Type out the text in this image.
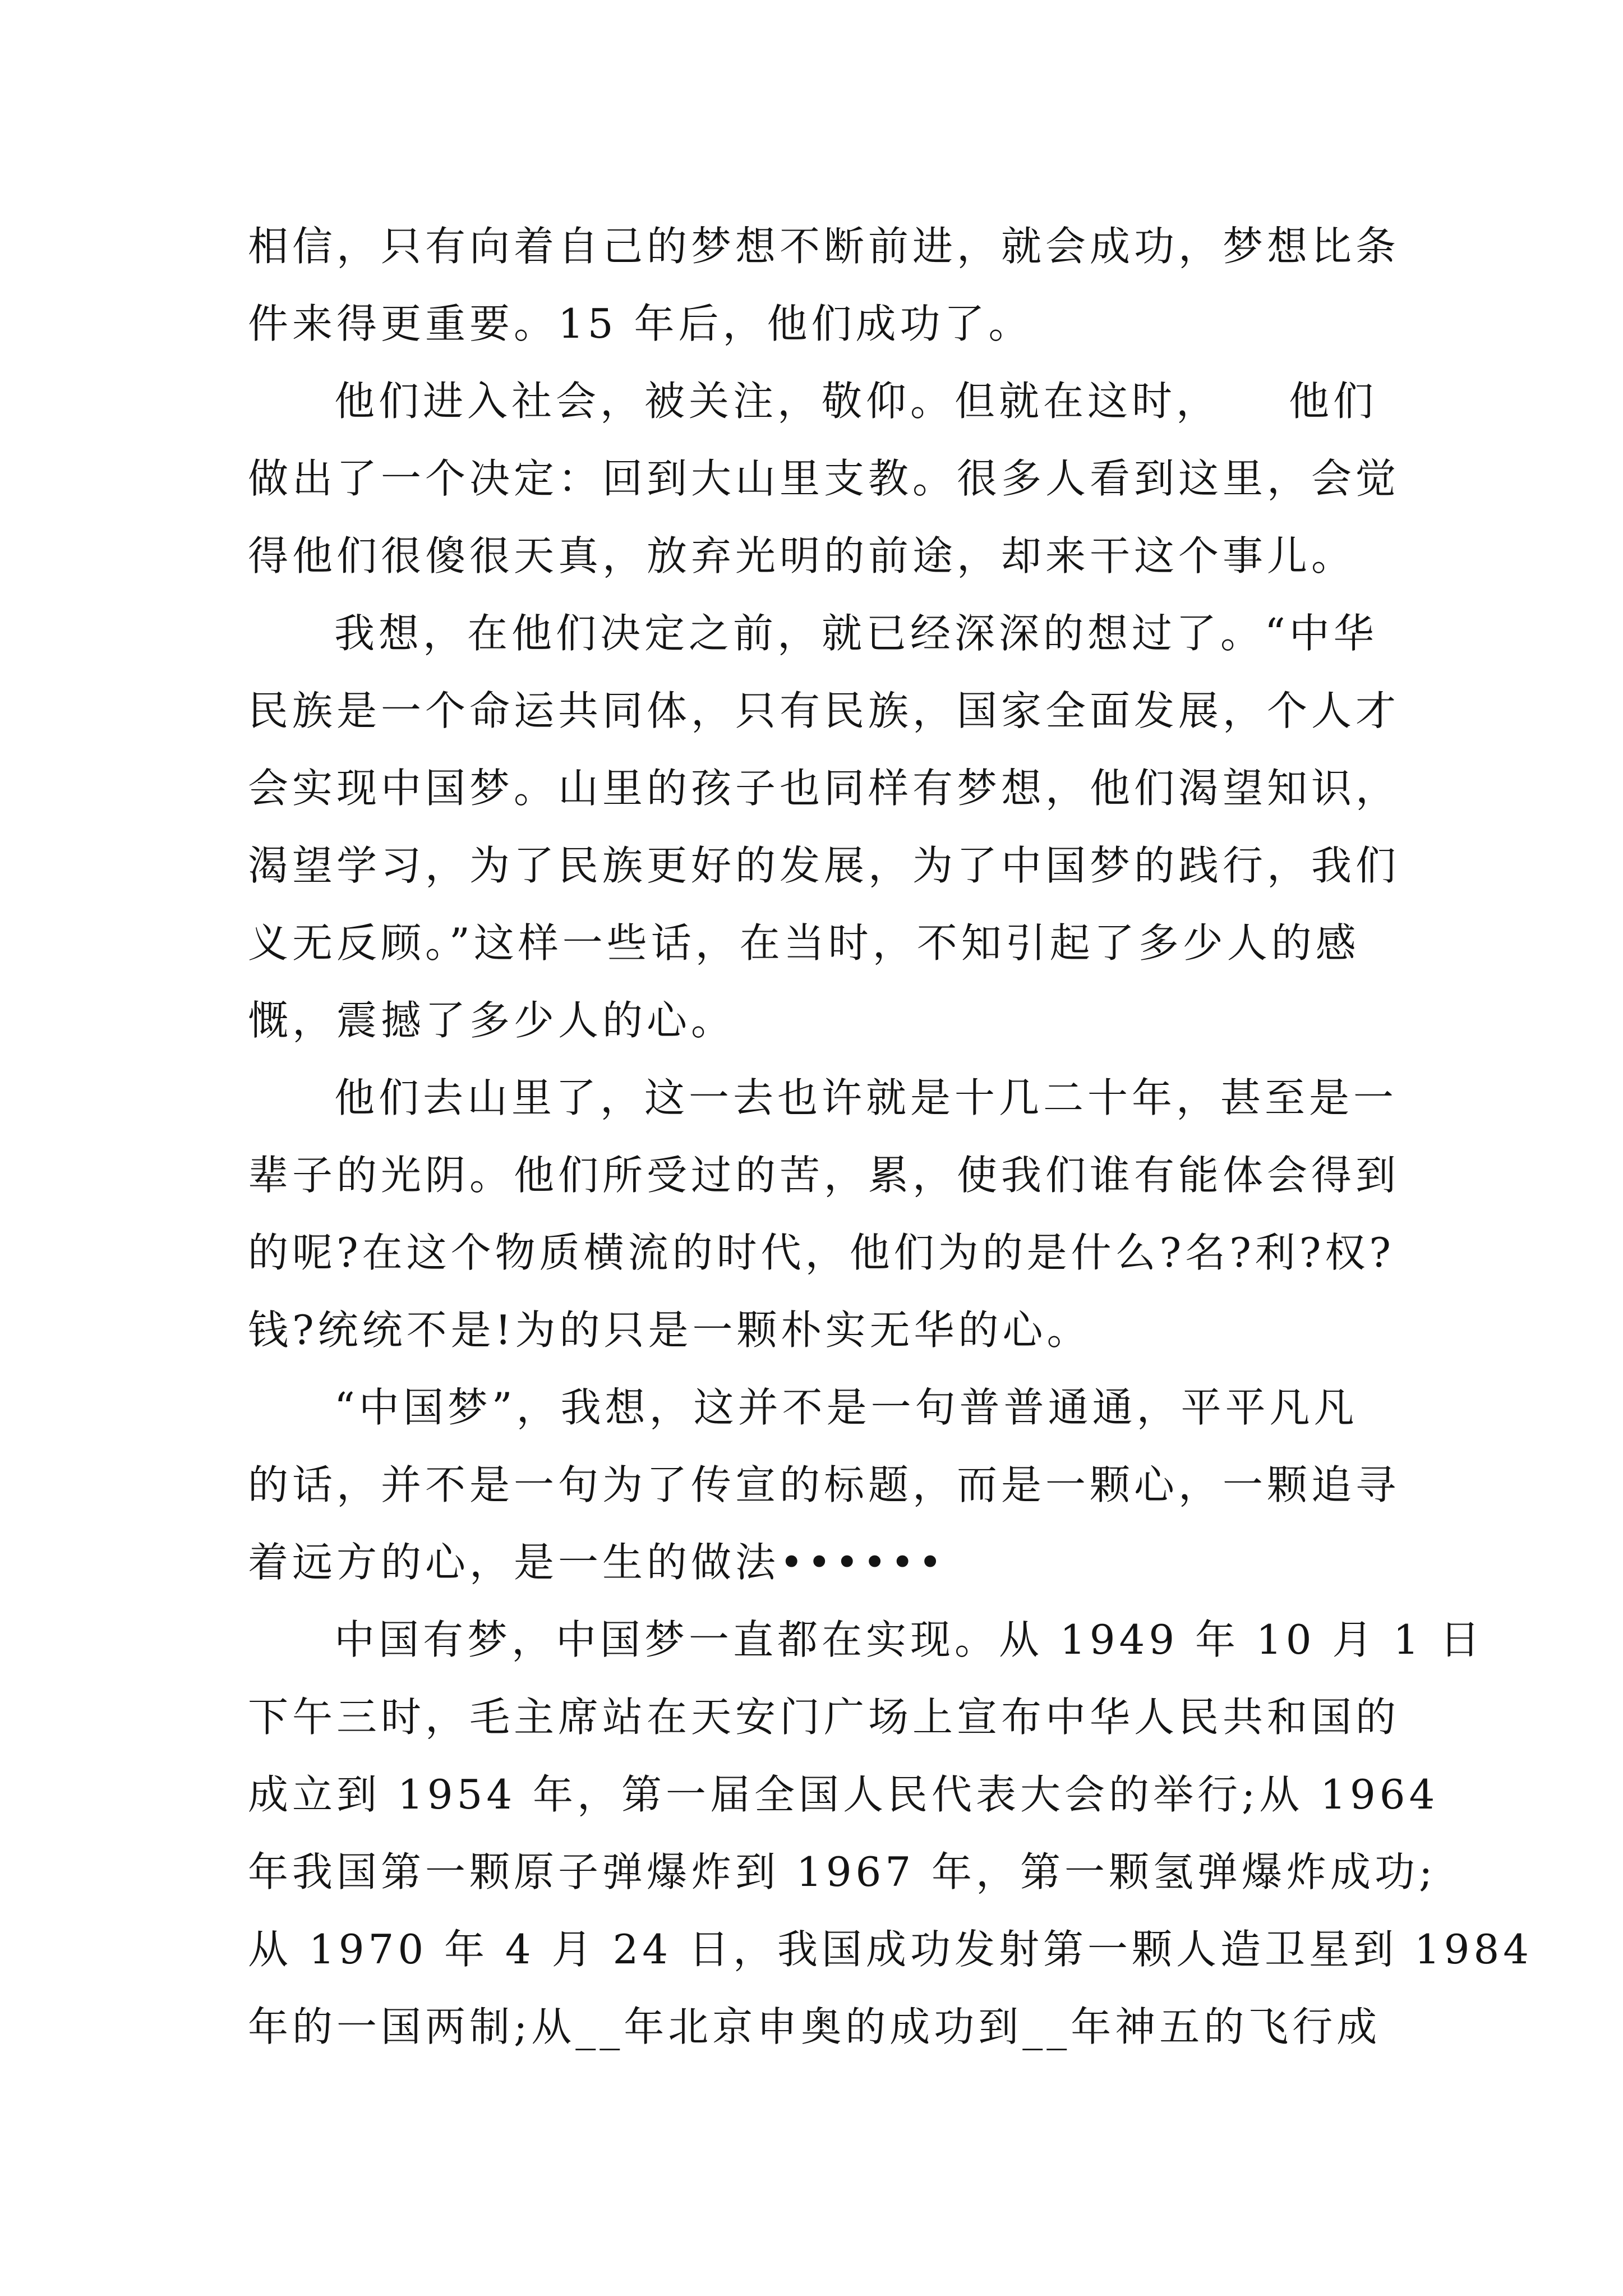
相信，只有向着自己的梦想不断前进，就会成功，梦想比条
件来得更重要。15 年后，他们成功了。
他们进入社会，被关注，敬仰。但就在这时，　　他们
做出了一个决定：回到大山里支教。很多人看到这里，会觉
得他们很傻很天真，放弃光明的前途，却来干这个事儿。
我想，在他们决定之前，就已经深深的想过了。“中华
民族是一个命运共同体，只有民族，国家全面发展，个人才
会实现中国梦。山里的孩子也同样有梦想，他们渴望知识，
渴望学习，为了民族更好的发展，为了中国梦的践行，我们
义无反顾。”这样一些话，在当时，不知引起了多少人的感
慨，震撼了多少人的心。
他们去山里了，这一去也许就是十几二十年，甚至是一
辈子的光阴。他们所受过的苦，累，使我们谁有能体会得到
的呢?在这个物质横流的时代，他们为的是什么?名?利?权?
钱?统统不是!为的只是一颗朴实无华的心。
“中国梦”，我想，这并不是一句普普通通，平平凡凡
的话，并不是一句为了传宣的标题，而是一颗心，一颗追寻
着远方的心，是一生的做法••••••
中国有梦，中国梦一直都在实现。从 1949 年 10 月 1 日
下午三时，毛主席站在天安门广场上宣布中华人民共和国的
成立到 1954 年，第一届全国人民代表大会的举行;从 1964
年我国第一颗原子弹爆炸到 1967 年，第一颗氢弹爆炸成功;
从 1970 年 4 月 24 日，我国成功发射第一颗人造卫星到 1984
年的一国两制;从__年北京申奥的成功到__年神五的飞行成
